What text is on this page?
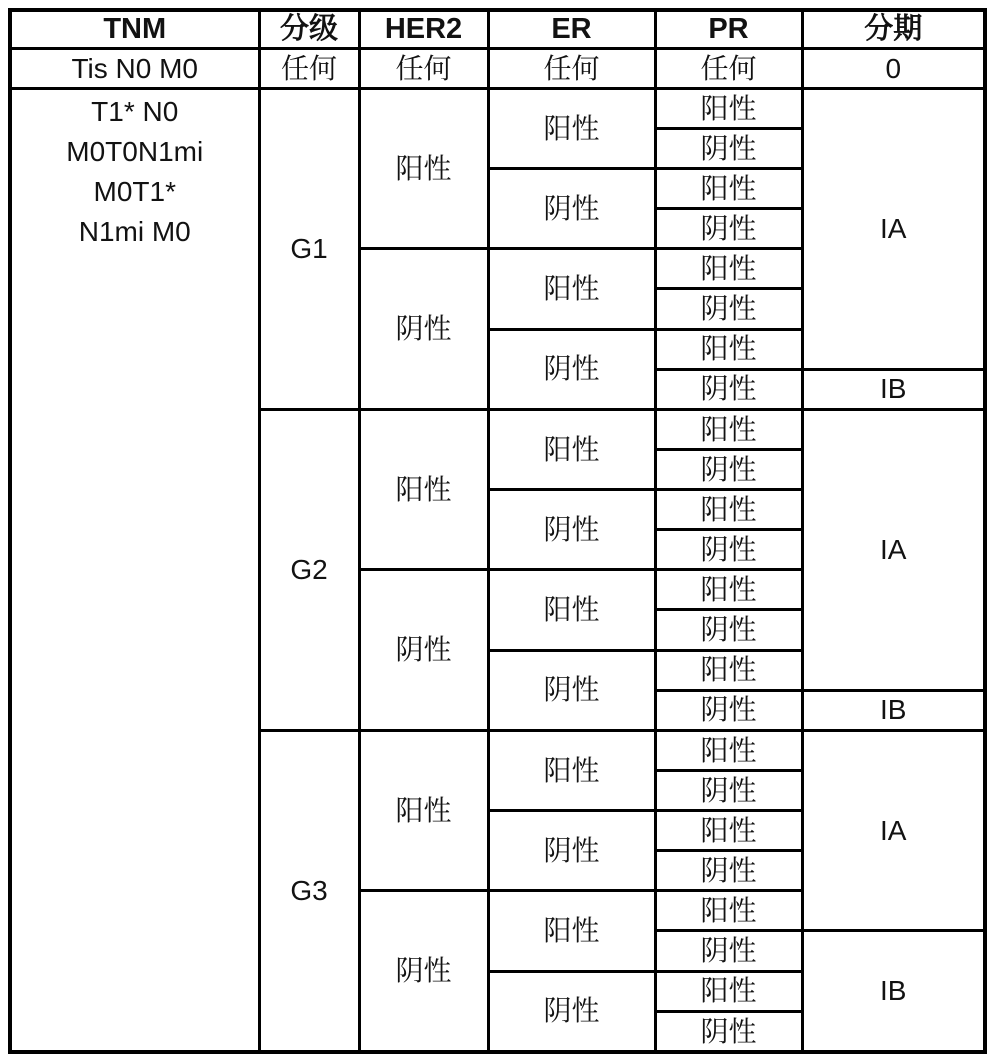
TNM	分级	HER2	ER	PR	分期
Tis N0 M0	任何	任何	任何	任何	0

T1* N0
M0T0N1mi
M0T1*
N1mi M0	G1	阳性	阳性	阳性	IA
				阴性	
			阴性	阳性	
				阴性	
		阴性	阳性	阳性	
				阴性	
			阴性	阳性	
				阴性	IB
	G2	阳性	阳性	阳性	IA
				阴性	
			阴性	阳性	
				阴性	
		阴性	阳性	阳性	
				阴性	
			阴性	阳性	
				阴性	IB
	G3	阳性	阳性	阳性	IA
				阴性	
			阴性	阳性	
				阴性	
		阴性	阳性	阳性	
				阴性	IB
			阴性	阳性	
				阴性	
